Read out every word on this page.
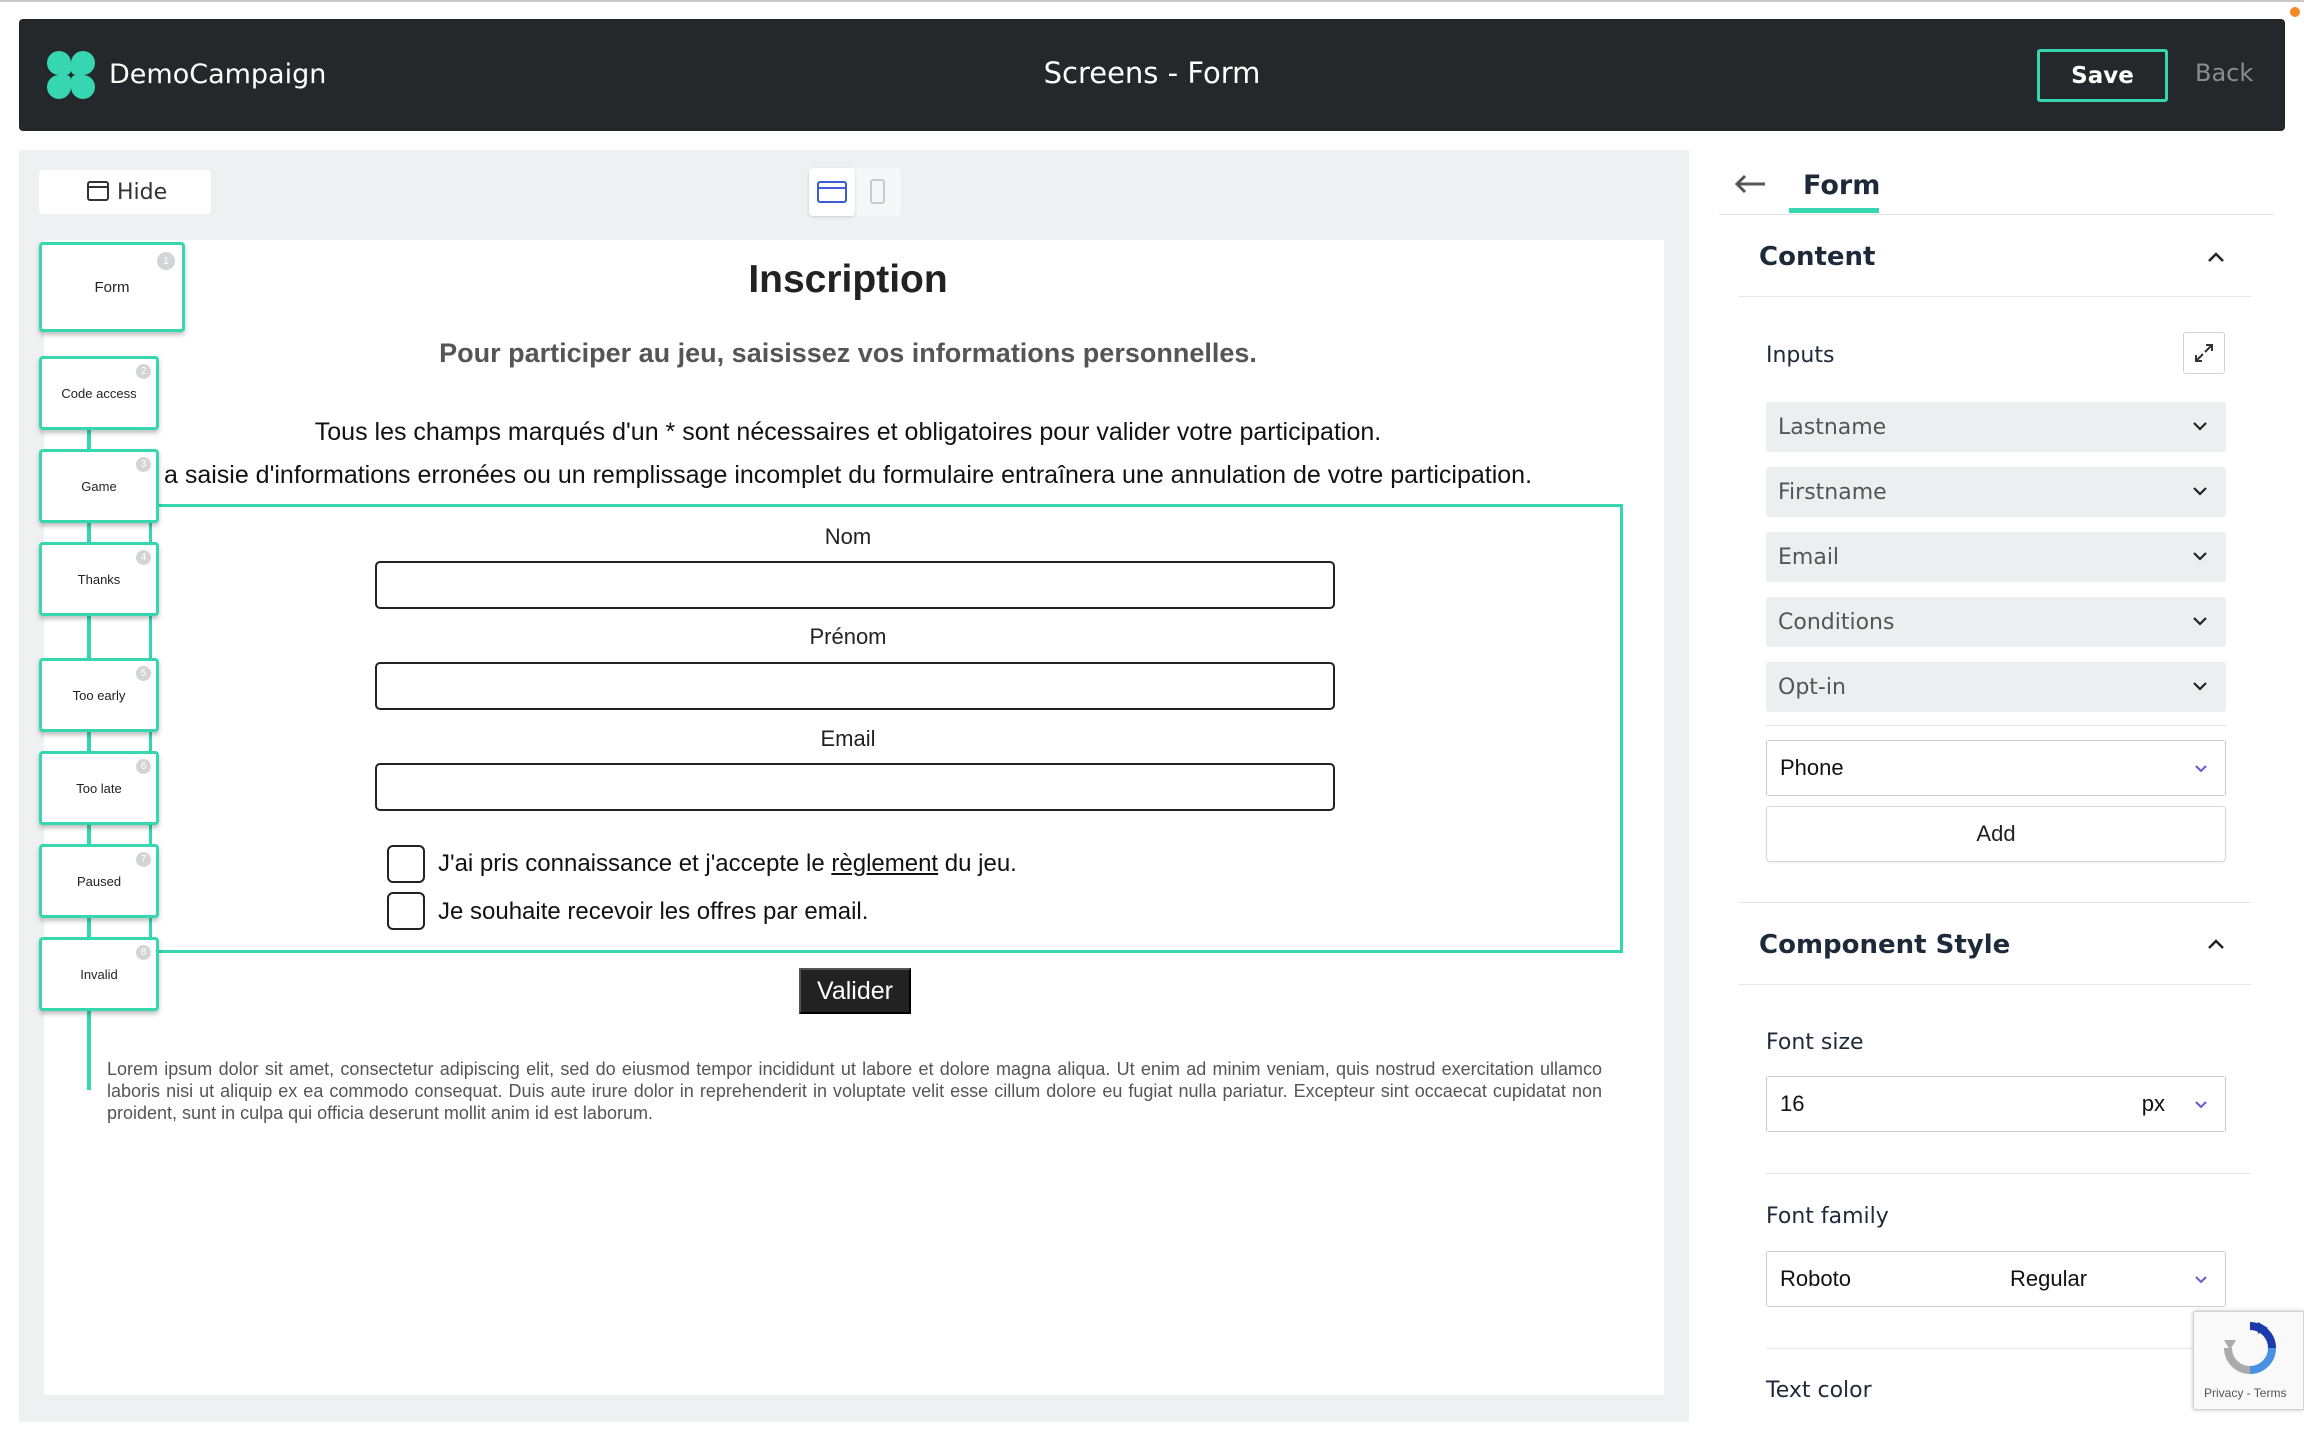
DemoCampaign	Screens - Form	Save	Back
Hide
Inscription
Pour participer au jeu, saisissez vos informations personnelles.
Tous les champs marqués d'un * sont nécessaires et obligatoires pour valider votre participation.
a saisie d'informations erronées ou un remplissage incomplet du formulaire entraînera une annulation de votre participation.
Nom
Prénom
Email
J'ai pris connaissance et j'accepte le règlement du jeu.
Je souhaite recevoir les offres par email.
Valider
Lorem ipsum dolor sit amet, consectetur adipiscing elit, sed do eiusmod tempor incididunt ut labore et dolore magna aliqua. Ut enim ad minim veniam, quis nostrud exercitation ullamco laboris nisi ut aliquip ex ea commodo consequat. Duis aute irure dolor in reprehenderit in voluptate velit esse cillum dolore eu fugiat nulla pariatur. Excepteur sint occaecat cupidatat non proident, sunt in culpa qui officia deserunt mollit anim id est laborum.
Form
1
Code access
2
Game
3
Thanks
4
Too early
5
Too late
6
Paused
7
Invalid
8
Form
Content
Inputs
Lastname
Firstname
Email
Conditions
Opt-in
Phone
Add
Component Style
Font size
16	px
Font family
Roboto	Regular
Text color	Privacy - Terms
